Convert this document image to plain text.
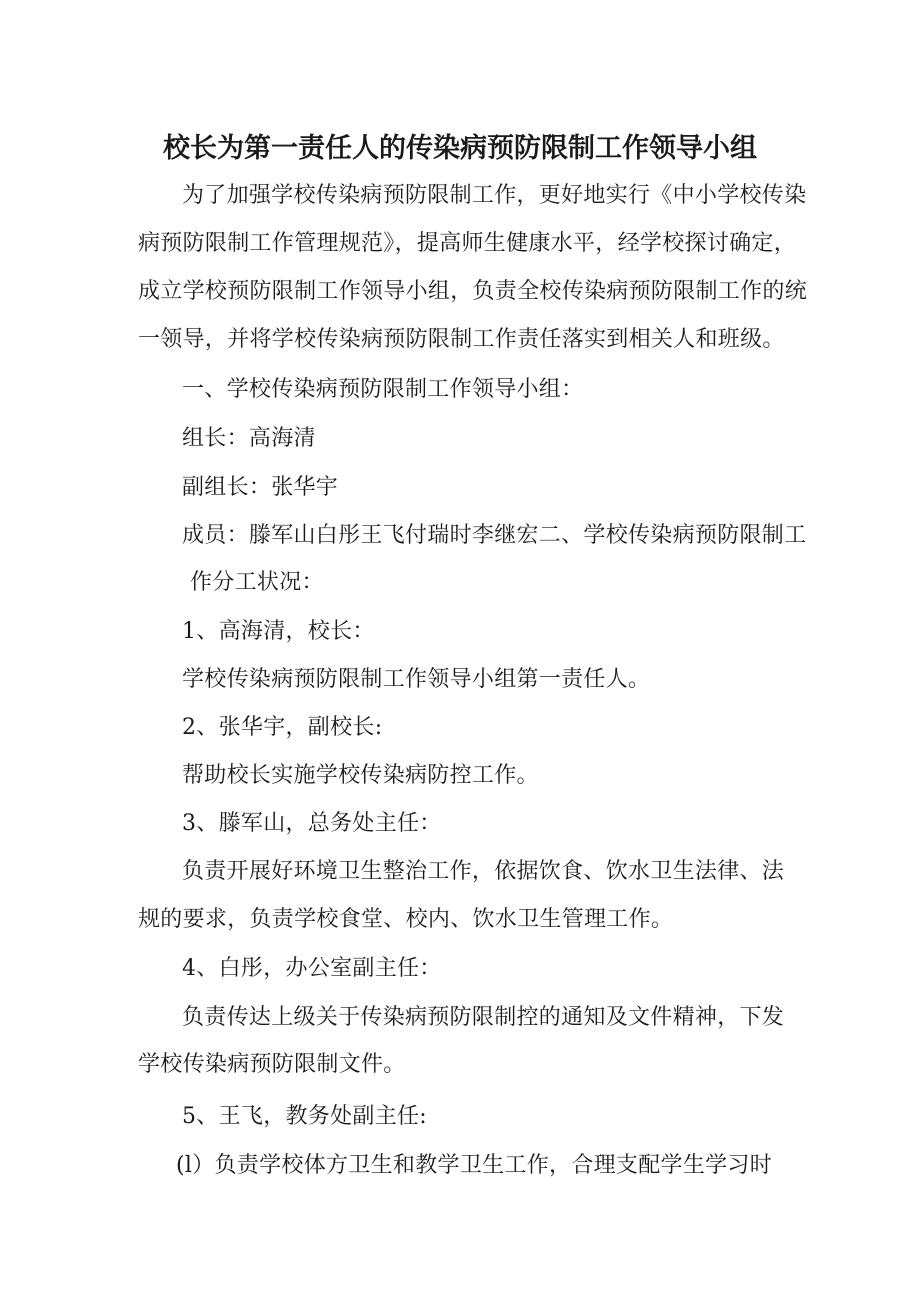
校长为第一责任人的传染病预防限制工作领导小组
为了加强学校传染病预防限制工作，更好地实行《中小学校传染
病预防限制工作管理规范》，提高师生健康水平，经学校探讨确定，
成立学校预防限制工作领导小组，负责全校传染病预防限制工作的统
一领导，并将学校传染病预防限制工作责任落实到相关人和班级。
一、学校传染病预防限制工作领导小组：
组长：高海清
副组长：张华宇
成员：滕军山白彤王飞付瑞时李继宏二、学校传染病预防限制工
作分工状况：
1、高海清，校长：
学校传染病预防限制工作领导小组第一责任人。
2、张华宇，副校长:
帮助校长实施学校传染病防控工作。
3、滕军山，总务处主任：
负责开展好环境卫生整治工作，依据饮食、饮水卫生法律、法
规的要求，负责学校食堂、校内、饮水卫生管理工作。
4、白彤，办公室副主任：
负责传达上级关于传染病预防限制控的通知及文件精神，下发
学校传染病预防限制文件。
5、王飞，教务处副主任:
(l）负责学校体方卫生和教学卫生工作，合理支配学生学习时
